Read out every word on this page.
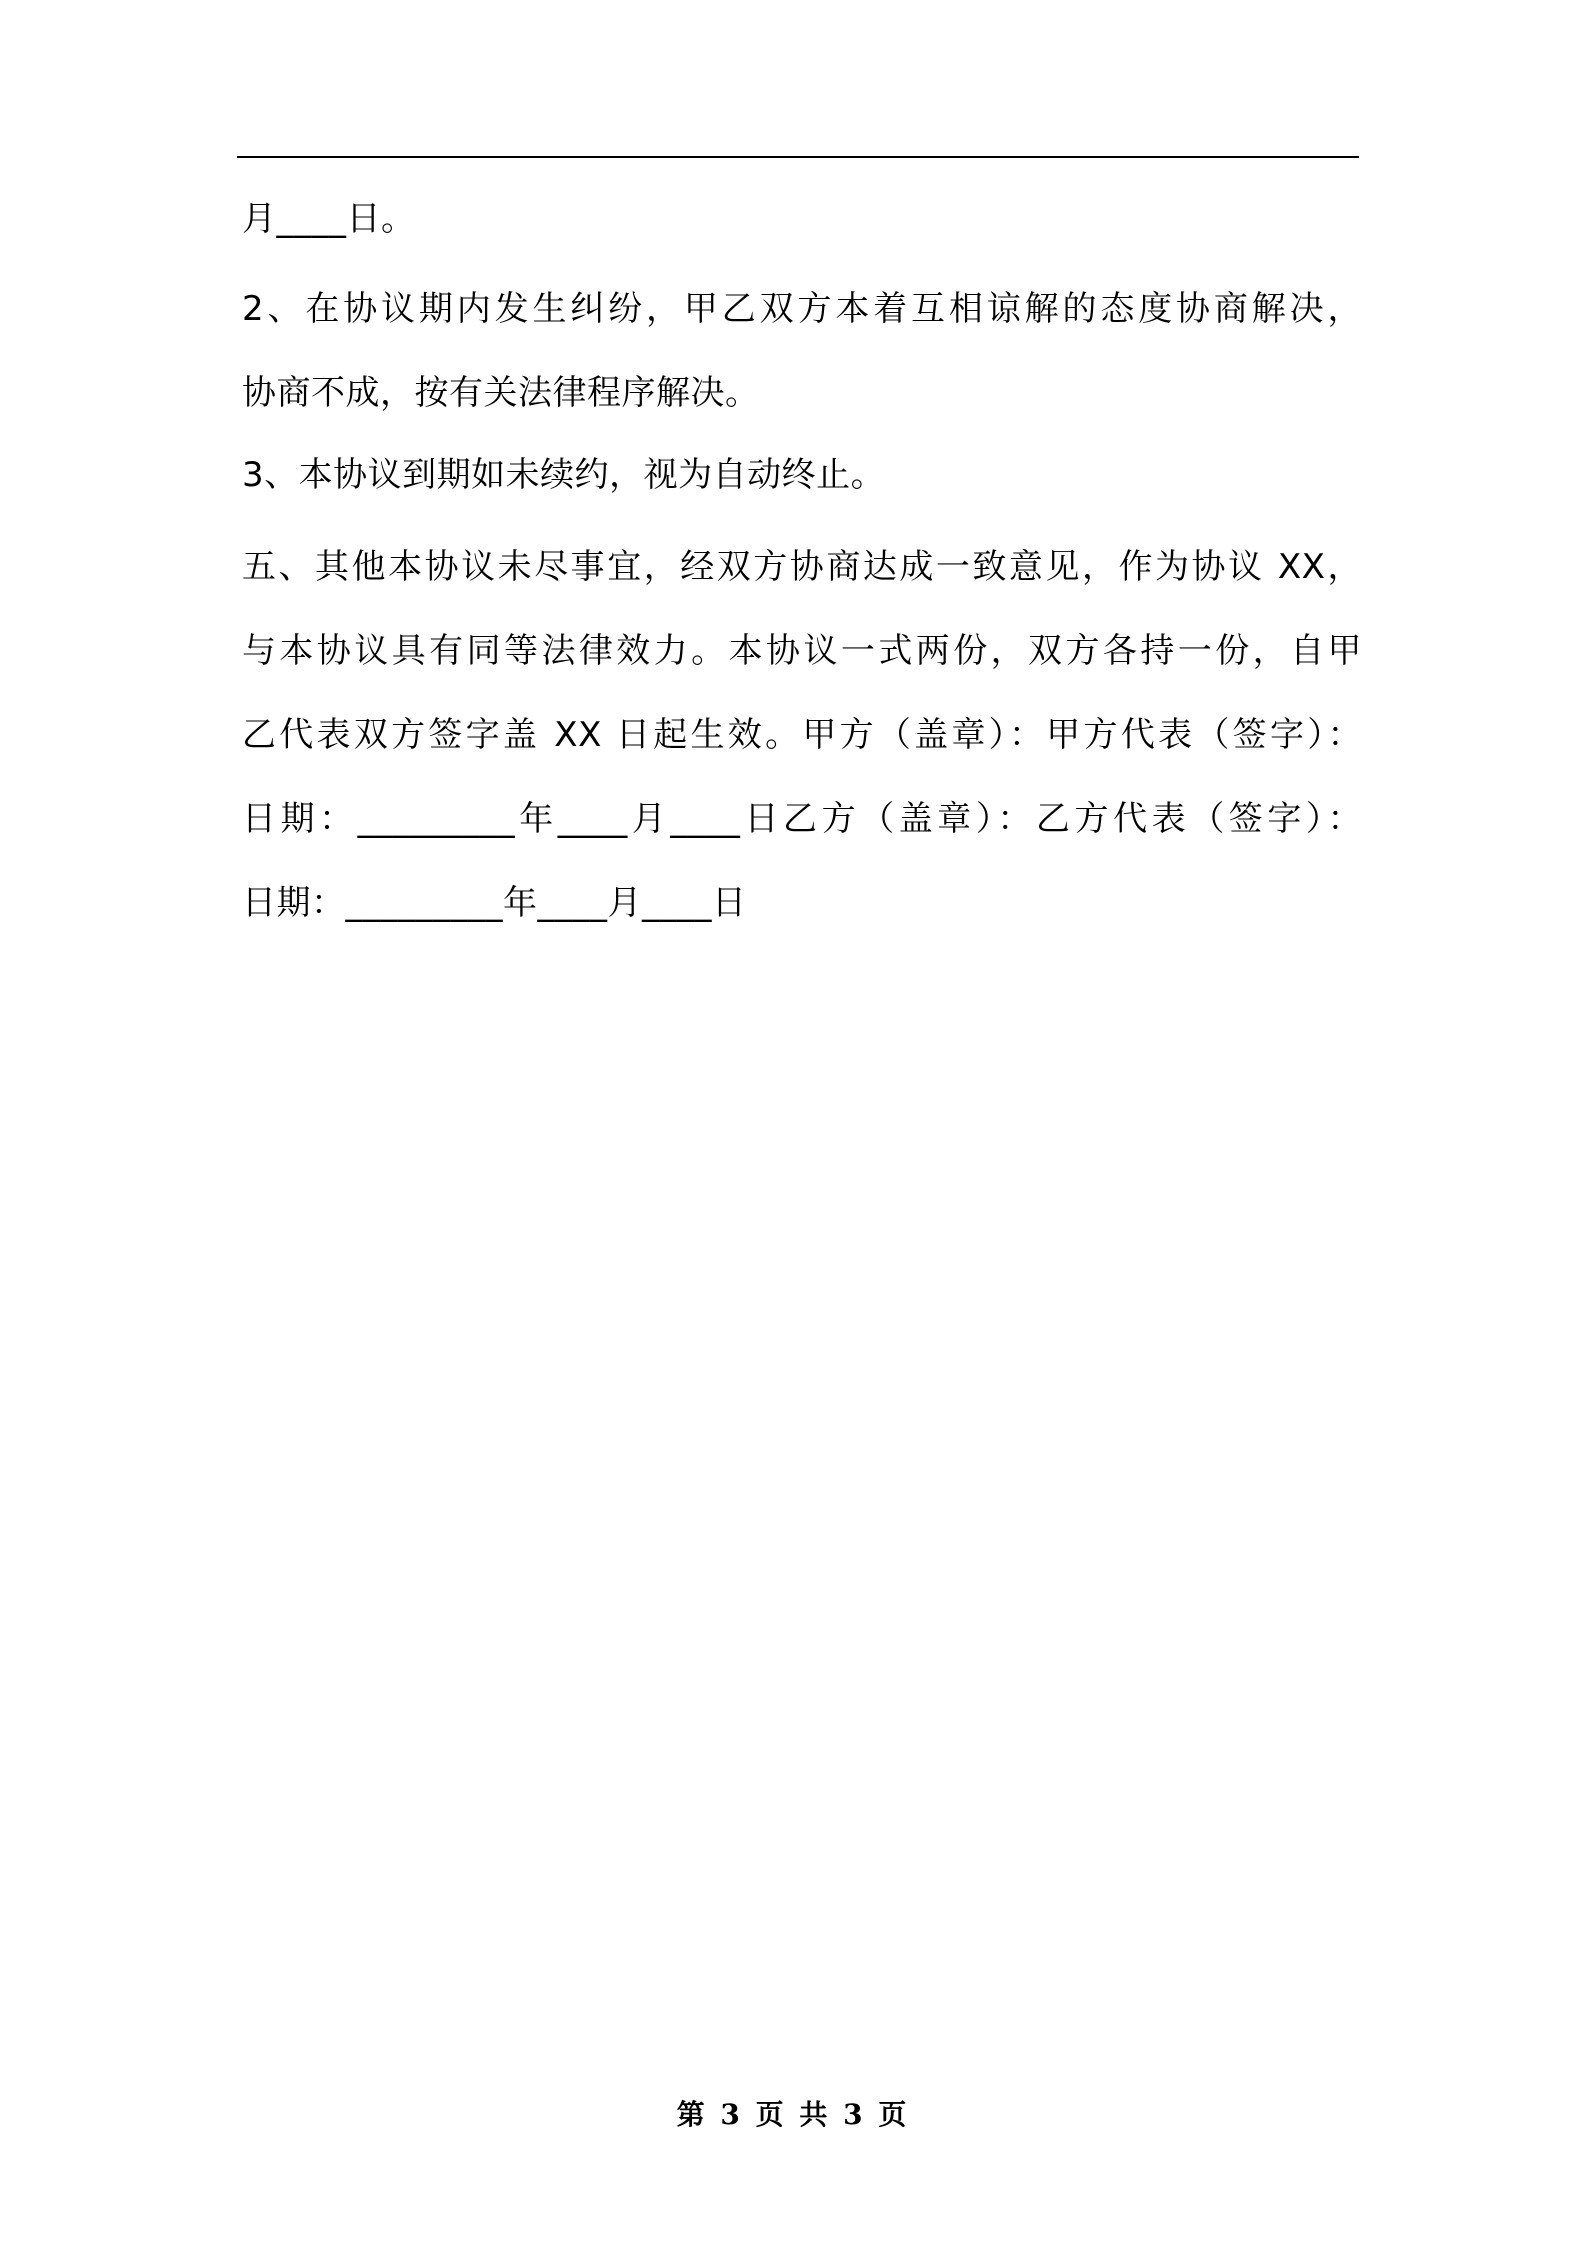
月____日。

2、在协议期内发生纠纷，甲乙双方本着互相谅解的态度协商解决，

协商不成，按有关法律程序解决。

3、本协议到期如未续约，视为自动终止。

五、其他本协议未尽事宜，经双方协商达成一致意见，作为协议 XX，

与本协议具有同等法律效力。本协议一式两份，双方各持一份，自甲

乙代表双方签字盖 XX 日起生效。甲方（盖章）：甲方代表（签字）：

日期：_________年____月____日乙方（盖章）：乙方代表（签字）：

日期：_________年____月____日

第 3 页 共 3 页
